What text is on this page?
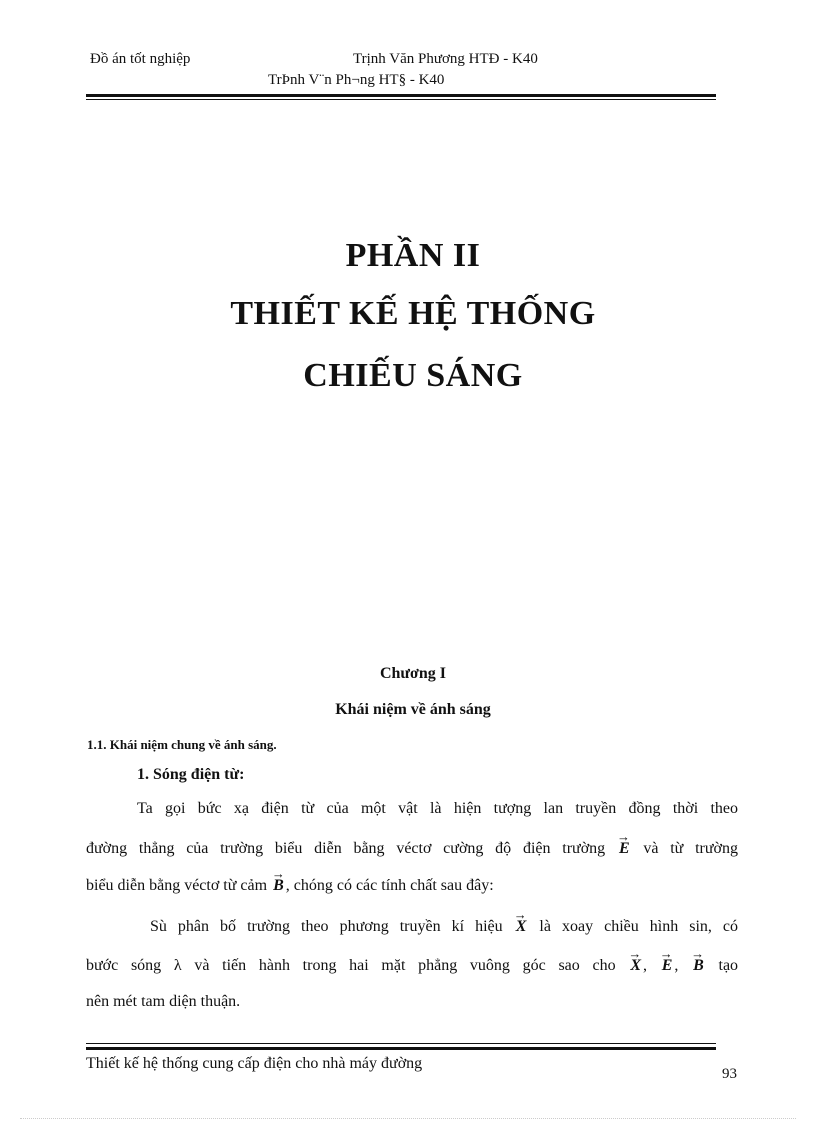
Đồ án tốt nghiệp	Trịnh Văn Phương HTĐ - K40
TrÞnh V¨n Ph¬ng HT§ - K40
PHẦN II
THIẾT KẾ HỆ THỐNG
CHIẾU SÁNG
Chương I
Khái niệm về ánh sáng
1.1. Khái niệm chung về ánh sáng.
1. Sóng điện từ:
Ta gọi bức xạ điện từ của một vật là hiện tượng lan truyền đồng thời theo
đường thẳng của trường biểu diễn bằng véctơ cường độ điện trường → E và từ trường
biểu diễn bằng véctơ từ cảm → B , chóng có các tính chất sau đây:
Sù phân bố trường theo phương truyền kí hiệu → X là xoay chiều hình sin, có
bước sóng λ và tiến hành trong hai mặt phẳng vuông góc sao cho → X , → E , → B tạo
nên mét tam diện thuận.
Thiết kế hệ thống cung cấp điện cho nhà máy đường
93
